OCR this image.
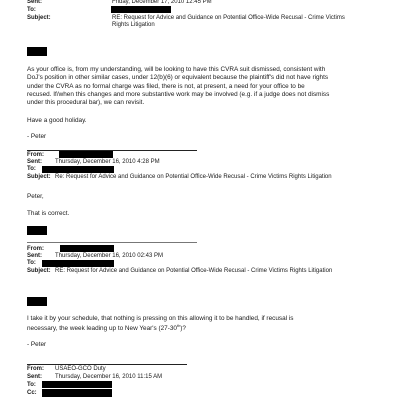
Sent:	Friday, December 17, 2010 12:45 PM
To:
Subject:	RE: Request for Advice and Guidance on Potential Office-Wide Recusal - Crime Victims
Rights Litigation
As your office is, from my understanding, will be looking to have this CVRA suit dismissed, consistent with
DoJ's position in other similar cases, under 12(b)(6) or equivalent because the plaintiff's did not have rights
under the CVRA as no formal charge was filed, there is not, at present, a need for your office to be
recused. If/when this changes and more substantive work may be involved (e.g. if a judge does not dismiss
under this procedural bar), we can revisit.
Have a good holiday.
- Peter
From:
Sent: Thursday, December 16, 2010 4:28 PM
To:
Subject: Re: Request for Advice and Guidance on Potential Office-Wide Recusal - Crime Victims Rights Litigation
Peter,
That is correct.
From:
Sent: Thursday, December 16, 2010 02:43 PM
To:
Subject: RE: Request for Advice and Guidance on Potential Office-Wide Recusal - Crime Victims Rights Litigation
I take it by your schedule, that nothing is pressing on this allowing it to be handled, if recusal is
necessary, the week leading up to New Year's (27-30th)?
- Peter
From: USAEO-GCO Duty
Sent: Thursday, December 16, 2010 11:15 AM
To:
Cc:
